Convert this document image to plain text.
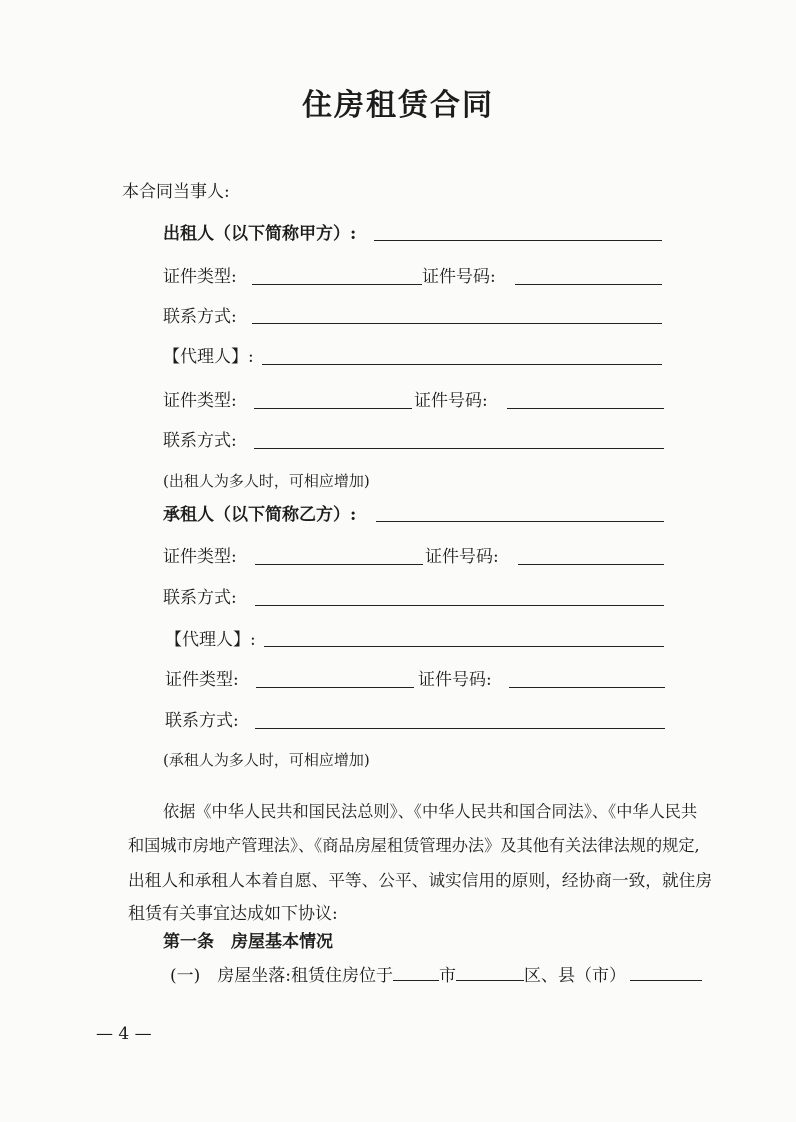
住房租赁合同
本合同当事人:
出租人（以下简称甲方）:
证件类型:	证件号码:
联系方式:
【代理人】:
证件类型:	证件号码:
联系方式:
(出租人为多人时，可相应增加)
承租人（以下简称乙方）:
证件类型:	证件号码:
联系方式:
【代理人】:
证件类型:	证件号码:
联系方式:
(承租人为多人时，可相应增加)
依据《中华人民共和国民法总则》、《中华人民共和国合同法》、《中华人民共
和国城市房地产管理法》、《商品房屋租赁管理办法》及其他有关法律法规的规定,
出租人和承租人本着自愿、平等、公平、诚实信用的原则，经协商一致，就住房
租赁有关事宜达成如下协议:
第一条　房屋基本情况
(一)　房屋坐落:租赁住房位于	市	区、县（市）
— 4 —
